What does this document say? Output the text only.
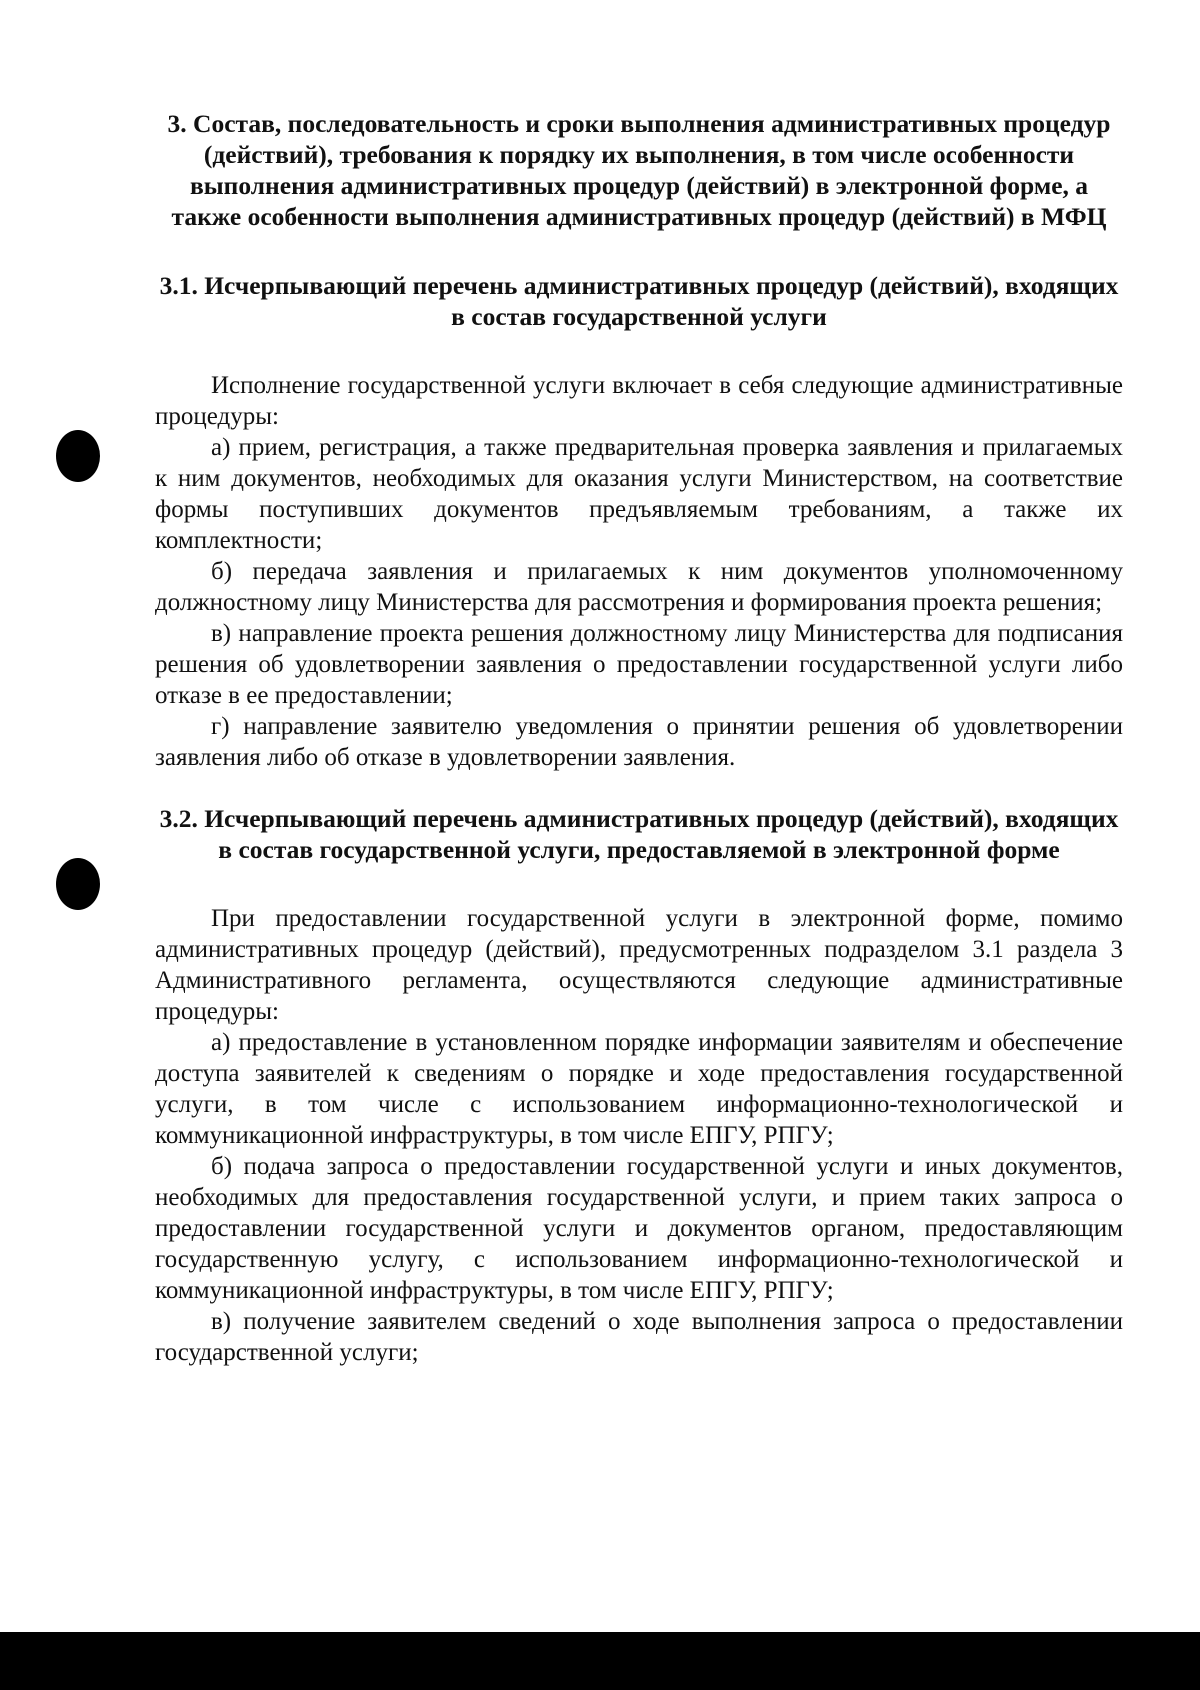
3. Состав, последовательность и сроки выполнения административных процедур (действий), требования к порядку их выполнения, в том числе особенности выполнения административных процедур (действий) в электронной форме, а также особенности выполнения административных процедур (действий) в МФЦ
3.1. Исчерпывающий перечень административных процедур (действий), входящих в состав государственной услуги

Исполнение государственной услуги включает в себя следующие административные процедуры:

а) прием, регистрация, а также предварительная проверка заявления и прилагаемых к ним документов, необходимых для оказания услуги Министерством, на соответствие формы поступивших документов предъявляемым требованиям, а также их комплектности;

б) передача заявления и прилагаемых к ним документов уполномоченному должностному лицу Министерства для рассмотрения и формирования проекта решения;

в) направление проекта решения должностному лицу Министерства для подписания решения об удовлетворении заявления о предоставлении государственной услуги либо отказе в ее предоставлении;

г) направление заявителю уведомления о принятии решения об удовлетворении заявления либо об отказе в удовлетворении заявления.

3.2. Исчерпывающий перечень административных процедур (действий), входящих в состав государственной услуги, предоставляемой в электронной форме

При предоставлении государственной услуги в электронной форме, помимо административных процедур (действий), предусмотренных подразделом 3.1 раздела 3 Административного регламента, осуществляются следующие административные процедуры:

а) предоставление в установленном порядке информации заявителям и обеспечение доступа заявителей к сведениям о порядке и ходе предоставления государственной услуги, в том числе с использованием информационно-технологической и коммуникационной инфраструктуры, в том числе ЕПГУ, РПГУ;

б) подача запроса о предоставлении государственной услуги и иных документов, необходимых для предоставления государственной услуги, и прием таких запроса о предоставлении государственной услуги и документов органом, предоставляющим государственную услугу, с использованием информационно-технологической и коммуникационной инфраструктуры, в том числе ЕПГУ, РПГУ;

в) получение заявителем сведений о ходе выполнения запроса о предоставлении государственной услуги;
